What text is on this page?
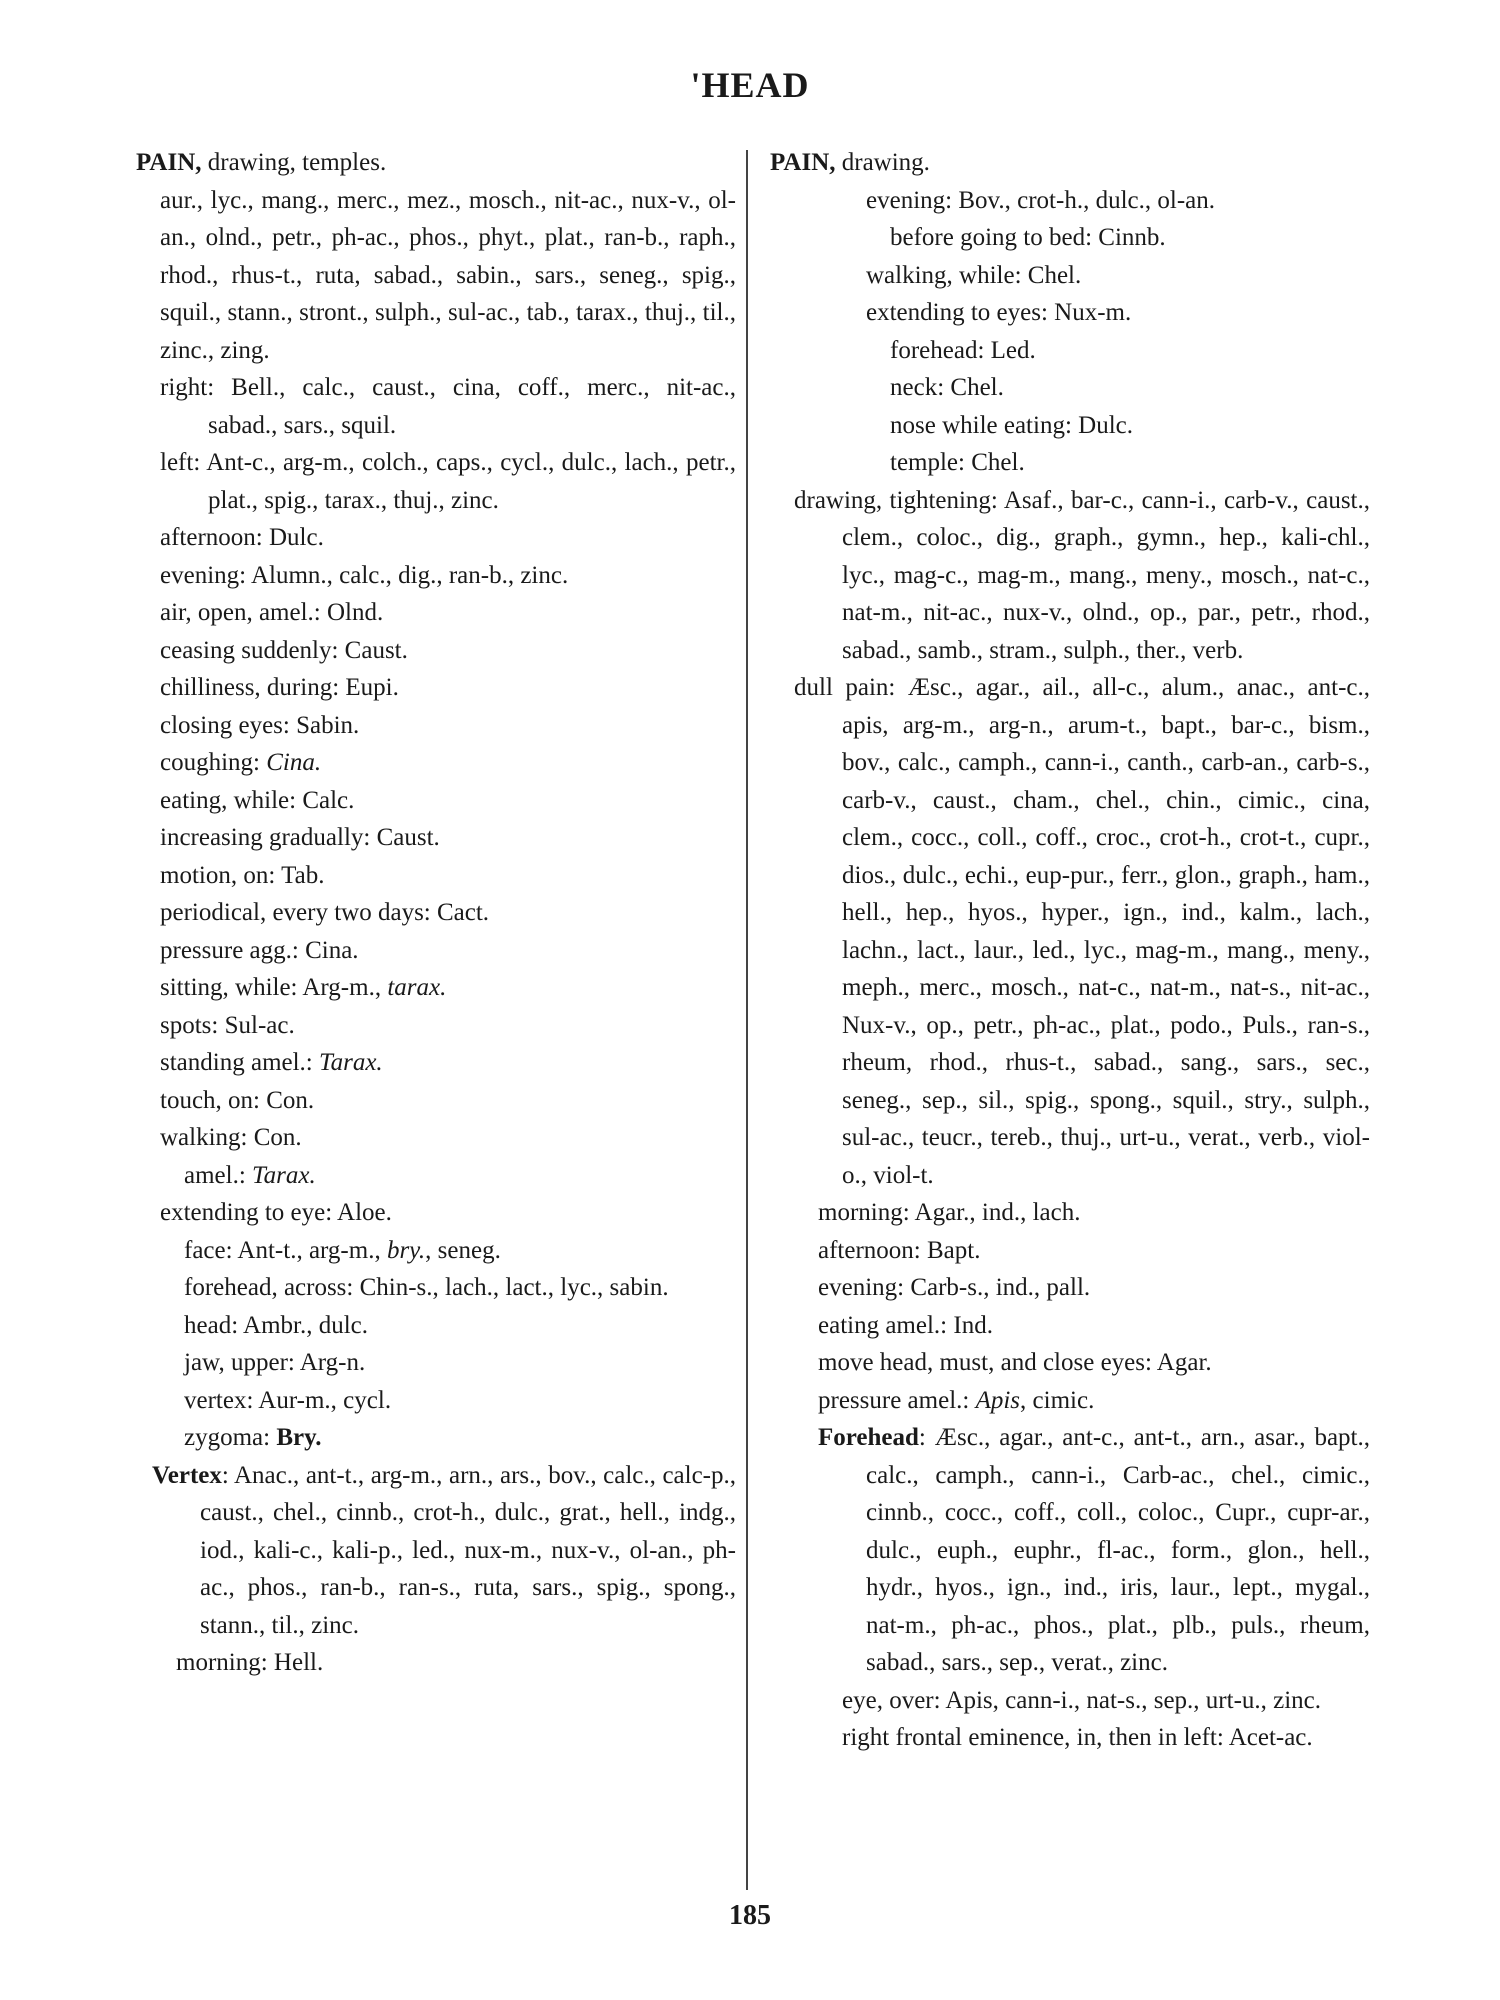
'HEAD
PAIN, drawing, temples.
aur., lyc., mang., merc., mez., mosch., nit-ac., nux-v., ol-an., olnd., petr., ph-ac., phos., phyt., plat., ran-b., raph., rhod., rhus-t., ruta, sabad., sabin., sars., seneg., spig., squil., stann., stront., sulph., sul-ac., tab., tarax., thuj., til., zinc., zing.
right: Bell., calc., caust., cina, coff., merc., nit-ac., sabad., sars., squil.
left: Ant-c., arg-m., colch., caps., cycl., dulc., lach., petr., plat., spig., tarax., thuj., zinc.
afternoon: Dulc.
evening: Alumn., calc., dig., ran-b., zinc.
air, open, amel.: Olnd.
ceasing suddenly: Caust.
chilliness, during: Eupi.
closing eyes: Sabin.
coughing: Cina.
eating, while: Calc.
increasing gradually: Caust.
motion, on: Tab.
periodical, every two days: Cact.
pressure agg.: Cina.
sitting, while: Arg-m., tarax.
spots: Sul-ac.
standing amel.: Tarax.
touch, on: Con.
walking: Con.
amel.: Tarax.
extending to eye: Aloe.
face: Ant-t., arg-m., bry., seneg.
forehead, across: Chin-s., lach., lact., lyc., sabin.
head: Ambr., dulc.
jaw, upper: Arg-n.
vertex: Aur-m., cycl.
zygoma: Bry.
Vertex: Anac., ant-t., arg-m., arn., ars., bov., calc., calc-p., caust., chel., cinnb., crot-h., dulc., grat., hell., indg., iod., kali-c., kali-p., led., nux-m., nux-v., ol-an., ph-ac., phos., ran-b., ran-s., ruta, sars., spig., spong., stann., til., zinc.
morning: Hell.
PAIN, drawing.
evening: Bov., crot-h., dulc., ol-an.
before going to bed: Cinnb.
walking, while: Chel.
extending to eyes: Nux-m.
forehead: Led.
neck: Chel.
nose while eating: Dulc.
temple: Chel.
drawing, tightening: Asaf., bar-c., cann-i., carb-v., caust., clem., coloc., dig., graph., gymn., hep., kali-chl., lyc., mag-c., mag-m., mang., meny., mosch., nat-c., nat-m., nit-ac., nux-v., olnd., op., par., petr., rhod., sabad., samb., stram., sulph., ther., verb.
dull pain: Æsc., agar., ail., all-c., alum., anac., ant-c., apis, arg-m., arg-n., arum-t., bapt., bar-c., bism., bov., calc., camph., cann-i., canth., carb-an., carb-s., carb-v., caust., cham., chel., chin., cimic., cina, clem., cocc., coll., coff., croc., crot-h., crot-t., cupr., dios., dulc., echi., eup-pur., ferr., glon., graph., ham., hell., hep., hyos., hyper., ign., ind., kalm., lach., lachn., lact., laur., led., lyc., mag-m., mang., meny., meph., merc., mosch., nat-c., nat-m., nat-s., nit-ac., Nux-v., op., petr., ph-ac., plat., podo., Puls., ran-s., rheum, rhod., rhus-t., sabad., sang., sars., sec., seneg., sep., sil., spig., spong., squil., stry., sulph., sul-ac., teucr., tereb., thuj., urt-u., verat., verb., viol-o., viol-t.
morning: Agar., ind., lach.
afternoon: Bapt.
evening: Carb-s., ind., pall.
eating amel.: Ind.
move head, must, and close eyes: Agar.
pressure amel.: Apis, cimic.
Forehead: Æsc., agar., ant-c., ant-t., arn., asar., bapt., calc., camph., cann-i., Carb-ac., chel., cimic., cinnb., cocc., coff., coll., coloc., Cupr., cupr-ar., dulc., euph., euphr., fl-ac., form., glon., hell., hydr., hyos., ign., ind., iris, laur., lept., mygal., nat-m., ph-ac., phos., plat., plb., puls., rheum, sabad., sars., sep., verat., zinc.
eye, over: Apis, cann-i., nat-s., sep., urt-u., zinc.
right frontal eminence, in, then in left: Acet-ac.
185
